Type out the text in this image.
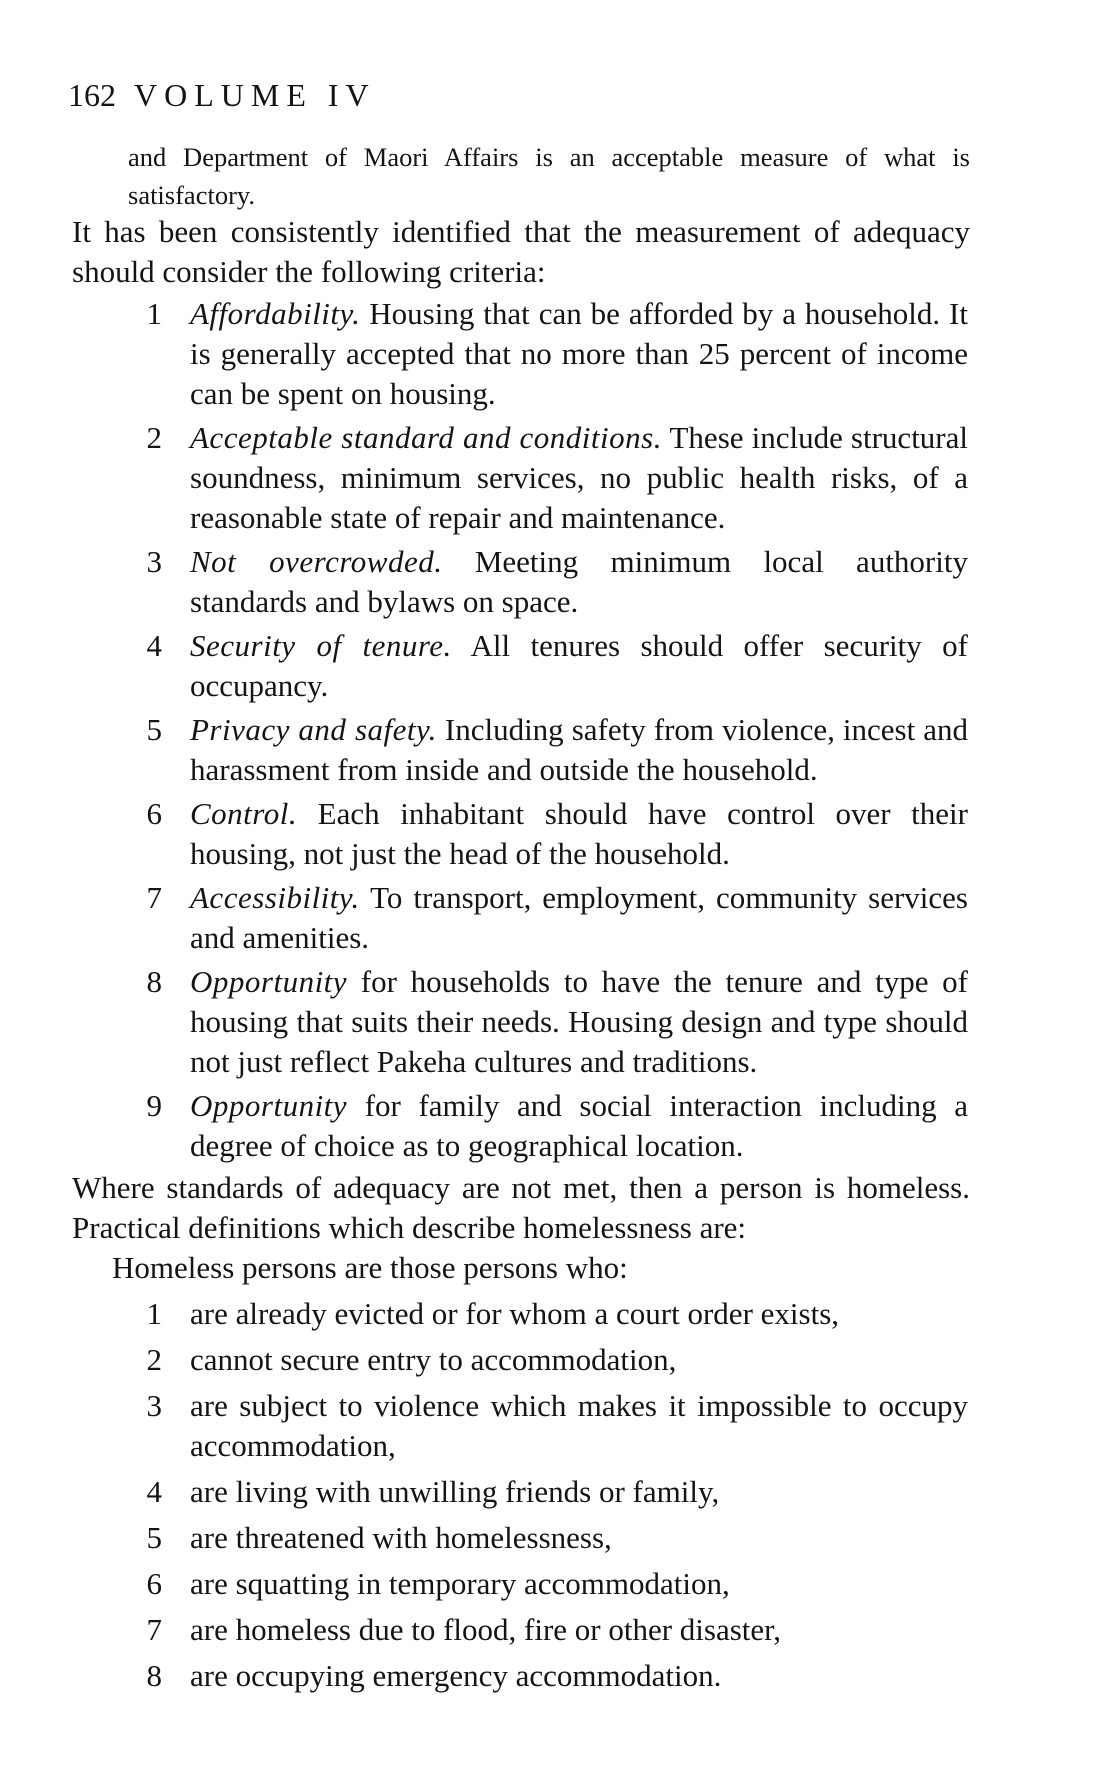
162 VOLUME IV
and Department of Maori Affairs is an acceptable measure of what is satisfactory.
It has been consistently identified that the measurement of adequacy should consider the following criteria:
1 Affordability. Housing that can be afforded by a household. It is generally accepted that no more than 25 percent of income can be spent on housing.
2 Acceptable standard and conditions. These include structural soundness, minimum services, no public health risks, of a reasonable state of repair and maintenance.
3 Not overcrowded. Meeting minimum local authority standards and bylaws on space.
4 Security of tenure. All tenures should offer security of occupancy.
5 Privacy and safety. Including safety from violence, incest and harassment from inside and outside the household.
6 Control. Each inhabitant should have control over their housing, not just the head of the household.
7 Accessibility. To transport, employment, community services and amenities.
8 Opportunity for households to have the tenure and type of housing that suits their needs. Housing design and type should not just reflect Pakeha cultures and traditions.
9 Opportunity for family and social interaction including a degree of choice as to geographical location.
Where standards of adequacy are not met, then a person is homeless. Practical definitions which describe homelessness are:
Homeless persons are those persons who:
1 are already evicted or for whom a court order exists,
2 cannot secure entry to accommodation,
3 are subject to violence which makes it impossible to occupy accommodation,
4 are living with unwilling friends or family,
5 are threatened with homelessness,
6 are squatting in temporary accommodation,
7 are homeless due to flood, fire or other disaster,
8 are occupying emergency accommodation.
